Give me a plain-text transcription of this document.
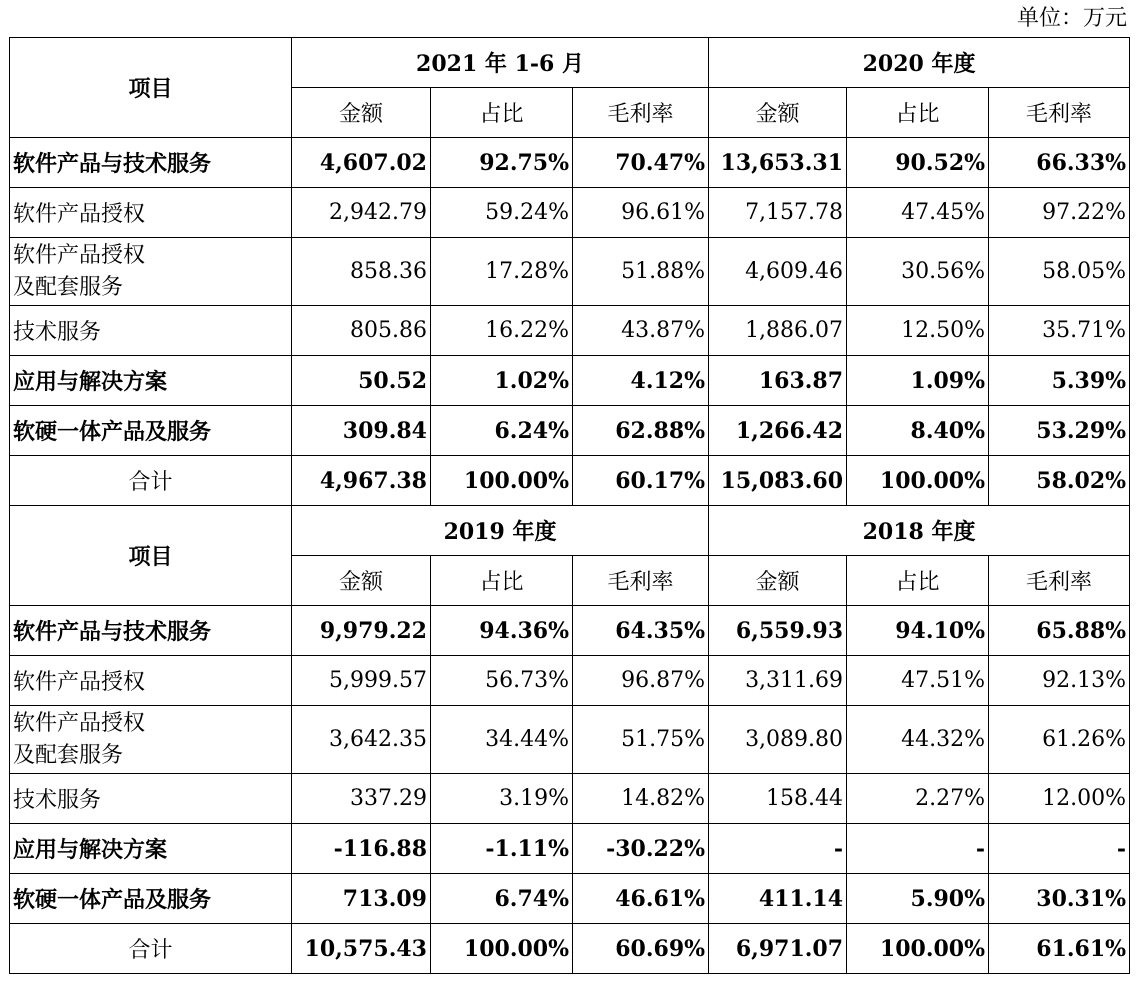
单位：万元
项目	2021 年 1-6 月			2020 年度		
	金额	占比	毛利率	金额	占比	毛利率
软件产品与技术服务	4,607.02	92.75%	70.47%	13,653.31	90.52%	66.33%
软件产品授权	2,942.79	59.24%	96.61%	7,157.78	47.45%	97.22%
软件产品授权
及配套服务	858.36	17.28%	51.88%	4,609.46	30.56%	58.05%
技术服务	805.86	16.22%	43.87%	1,886.07	12.50%	35.71%
应用与解决方案	50.52	1.02%	4.12%	163.87	1.09%	5.39%
软硬一体产品及服务	309.84	6.24%	62.88%	1,266.42	8.40%	53.29%
合计	4,967.38	100.00%	60.17%	15,083.60	100.00%	58.02%
项目	2019 年度			2018 年度		
	金额	占比	毛利率	金额	占比	毛利率
软件产品与技术服务	9,979.22	94.36%	64.35%	6,559.93	94.10%	65.88%
软件产品授权	5,999.57	56.73%	96.87%	3,311.69	47.51%	92.13%
软件产品授权
及配套服务	3,642.35	34.44%	51.75%	3,089.80	44.32%	61.26%
技术服务	337.29	3.19%	14.82%	158.44	2.27%	12.00%
应用与解决方案	-116.88	-1.11%	-30.22%	-	-	-
软硬一体产品及服务	713.09	6.74%	46.61%	411.14	5.90%	30.31%
合计	10,575.43	100.00%	60.69%	6,971.07	100.00%	61.61%
